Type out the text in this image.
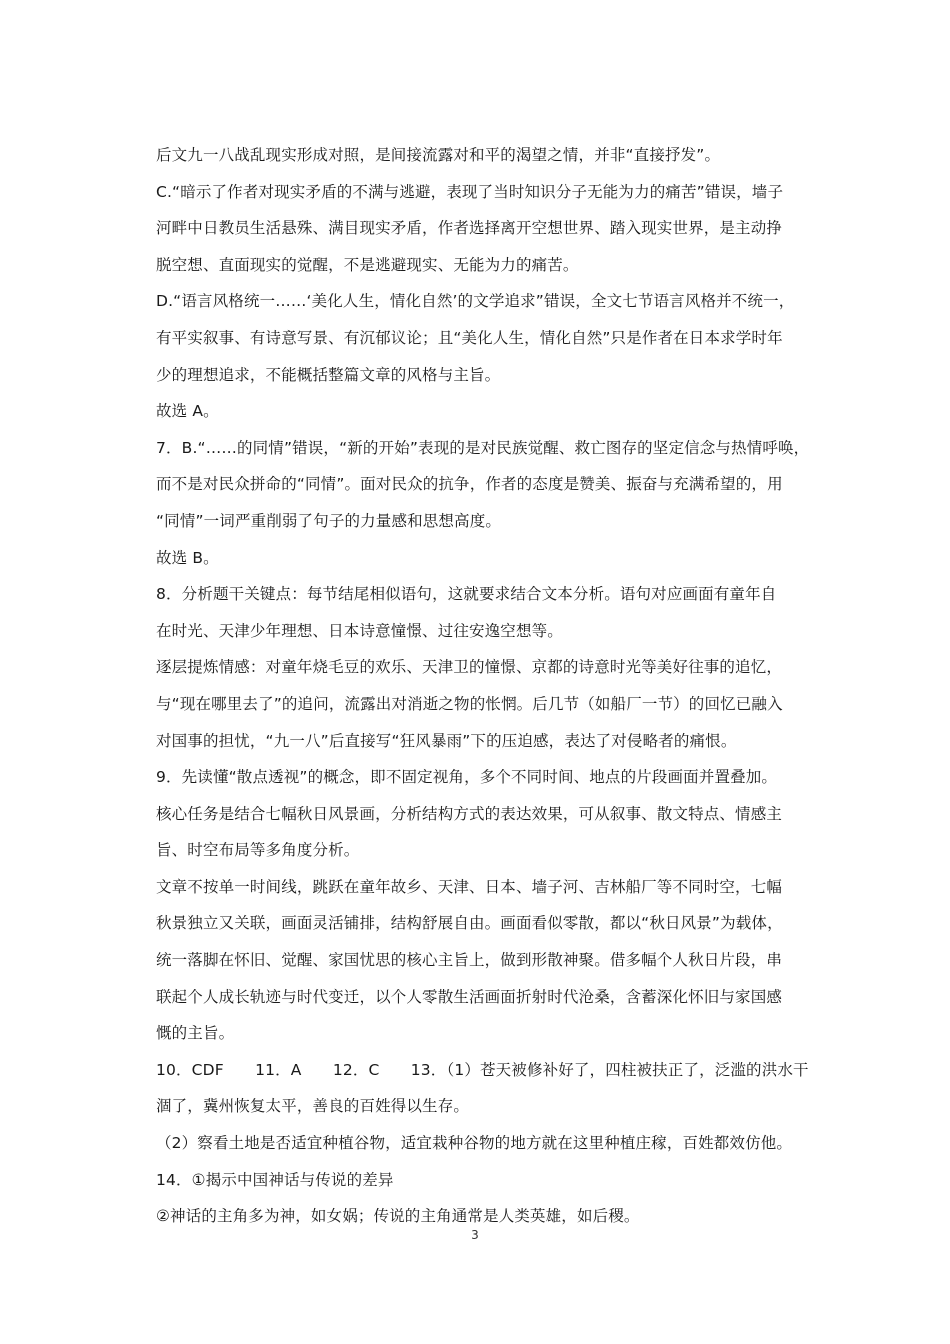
后文九一八战乱现实形成对照，是间接流露对和平的渴望之情，并非“直接抒发”。
C.“暗示了作者对现实矛盾的不满与逃避，表现了当时知识分子无能为力的痛苦”错误，墙子
河畔中日教员生活悬殊、满目现实矛盾，作者选择离开空想世界、踏入现实世界，是主动挣
脱空想、直面现实的觉醒，不是逃避现实、无能为力的痛苦。
D.“语言风格统一……‘美化人生，情化自然’的文学追求”错误，全文七节语言风格并不统一，
有平实叙事、有诗意写景、有沉郁议论；且“美化人生，情化自然”只是作者在日本求学时年
少的理想追求，不能概括整篇文章的风格与主旨。
故选 A。
7．B.“……的同情”错误，“新的开始”表现的是对民族觉醒、救亡图存的坚定信念与热情呼唤，
而不是对民众拼命的“同情”。面对民众的抗争，作者的态度是赞美、振奋与充满希望的，用
“同情”一词严重削弱了句子的力量感和思想高度。
故选 B。
8．分析题干关键点：每节结尾相似语句，这就要求结合文本分析。语句对应画面有童年自
在时光、天津少年理想、日本诗意憧憬、过往安逸空想等。
逐层提炼情感：对童年烧毛豆的欢乐、天津卫的憧憬、京都的诗意时光等美好往事的追忆，
与“现在哪里去了”的追问，流露出对消逝之物的怅惘。后几节（如船厂一节）的回忆已融入
对国事的担忧，“九一八”后直接写“狂风暴雨”下的压迫感，表达了对侵略者的痛恨。
9．先读懂“散点透视”的概念，即不固定视角，多个不同时间、地点的片段画面并置叠加。
核心任务是结合七幅秋日风景画，分析结构方式的表达效果，可从叙事、散文特点、情感主
旨、时空布局等多角度分析。
文章不按单一时间线，跳跃在童年故乡、天津、日本、墙子河、吉林船厂等不同时空，七幅
秋景独立又关联，画面灵活铺排，结构舒展自由。画面看似零散，都以“秋日风景”为载体，
统一落脚在怀旧、觉醒、家国忧思的核心主旨上，做到形散神聚。借多幅个人秋日片段，串
联起个人成长轨迹与时代变迁，以个人零散生活画面折射时代沧桑，含蓄深化怀旧与家国感
慨的主旨。
10．CDF　　11．A　　12．C　　13．（1）苍天被修补好了，四柱被扶正了，泛滥的洪水干
涸了，冀州恢复太平，善良的百姓得以生存。
（2）察看土地是否适宜种植谷物，适宜栽种谷物的地方就在这里种植庄稼，百姓都效仿他。
14．①揭示中国神话与传说的差异
②神话的主角多为神，如女娲；传说的主角通常是人类英雄，如后稷。
3
